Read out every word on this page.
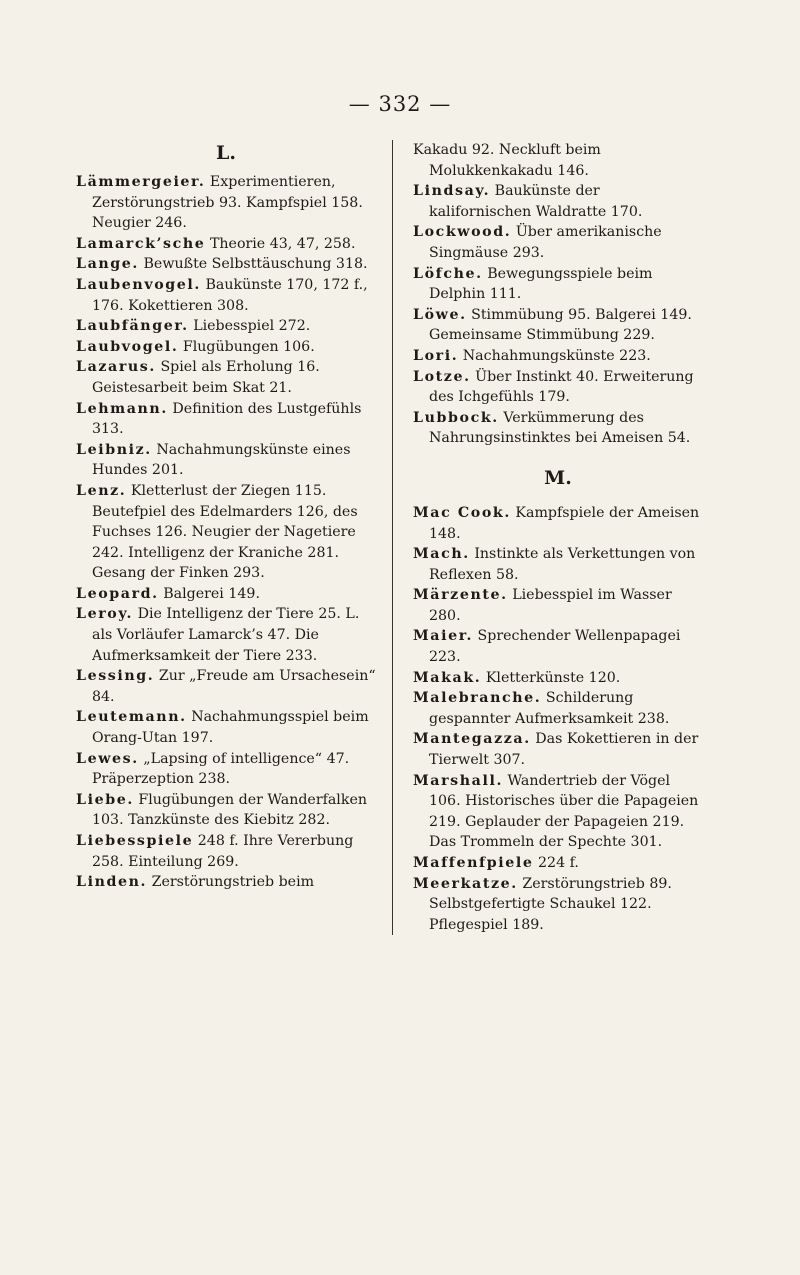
— 332 —
L.

Lämmergeier. Experimentieren, Zerstörungstrieb 93. Kampfspiel 158. Neugier 246.

Lamarck’sche Theorie 43, 47, 258.

Lange. Bewußte Selbsttäuschung 318.

Laubenvogel. Baukünste 170, 172 f., 176. Kokettieren 308.

Laubfänger. Liebesspiel 272.

Laubvogel. Flugübungen 106.

Lazarus. Spiel als Erholung 16. Geistesarbeit beim Skat 21.

Lehmann. Definition des Lustgefühls 313.

Leibniz. Nachahmungskünste eines Hundes 201.

Lenz. Kletterlust der Ziegen 115. Beutefpiel des Edelmarders 126, des Fuchses 126. Neugier der Nagetiere 242. Intelligenz der Kraniche 281. Gesang der Finken 293.

Leopard. Balgerei 149.

Leroy. Die Intelligenz der Tiere 25. L. als Vorläufer Lamarck’s 47. Die Aufmerksamkeit der Tiere 233.

Lessing. Zur „Freude am Ursachesein“ 84.

Leutemann. Nachahmungsspiel beim Orang-Utan 197.

Lewes. „Lapsing of intelligence“ 47. Präperzeption 238.

Liebe. Flugübungen der Wanderfalken 103. Tanzkünste des Kiebitz 282.

Liebesspiele 248 f. Ihre Vererbung 258. Einteilung 269.

Linden. Zerstörungstrieb beim

Kakadu 92. Neckluft beim Molukkenkakadu 146.

Lindsay. Baukünste der kalifornischen Waldratte 170.

Lockwood. Über amerikanische Singmäuse 293.

Löfche. Bewegungsspiele beim Delphin 111.

Löwe. Stimmübung 95. Balgerei 149. Gemeinsame Stimmübung 229.

Lori. Nachahmungskünste 223.

Lotze. Über Instinkt 40. Erweiterung des Ichgefühls 179.

Lubbock. Verkümmerung des Nahrungsinstinktes bei Ameisen 54.

M.

Mac Cook. Kampfspiele der Ameisen 148.

Mach. Instinkte als Verkettungen von Reflexen 58.

Märzente. Liebesspiel im Wasser 280.

Maier. Sprechender Wellenpapagei 223.

Makak. Kletterkünste 120.

Malebranche. Schilderung gespannter Aufmerksamkeit 238.

Mantegazza. Das Kokettieren in der Tierwelt 307.

Marshall. Wandertrieb der Vögel 106. Historisches über die Papageien 219. Geplauder der Papageien 219. Das Trommeln der Spechte 301.

Maffenfpiele 224 f.

Meerkatze. Zerstörungstrieb 89. Selbstgefertigte Schaukel 122. Pflegespiel 189.
